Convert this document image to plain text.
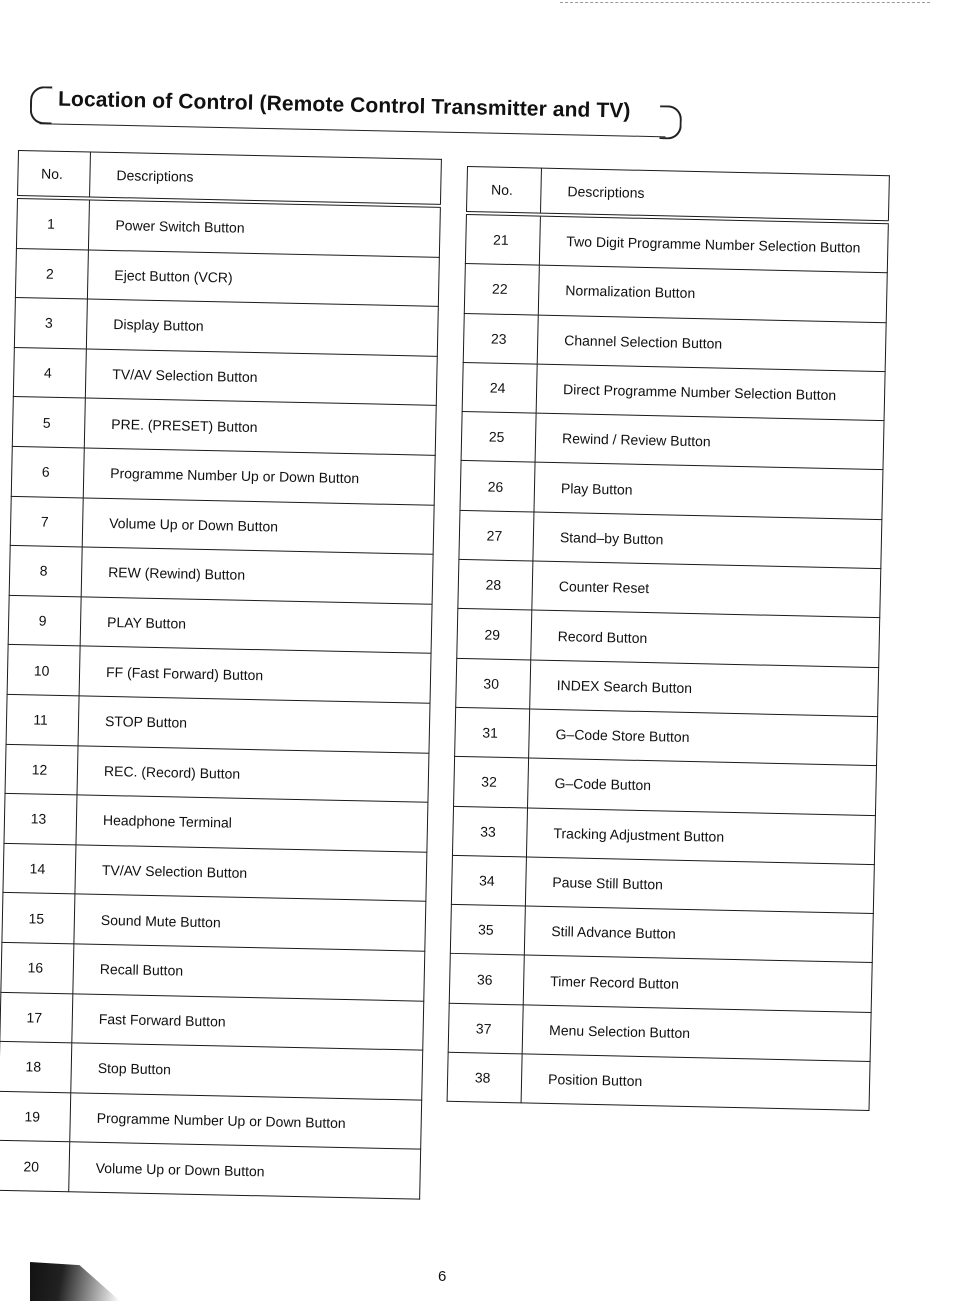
Location of Control (Remote Control Transmitter and TV)
No.	Descriptions
1	Power Switch Button
2	Eject Button (VCR)
3	Display Button
4	TV/AV Selection Button
5	PRE. (PRESET) Button
6	Programme Number Up or Down Button
7	Volume Up or Down Button
8	REW (Rewind) Button
9	PLAY Button
10	FF (Fast Forward) Button
11	STOP Button
12	REC. (Record) Button
13	Headphone Terminal
14	TV/AV Selection Button
15	Sound Mute Button
16	Recall Button
17	Fast Forward Button
18	Stop Button
19	Programme Number Up or Down Button
20	Volume Up or Down Button
No.	Descriptions
21	Two Digit Programme Number Selection Button
22	Normalization Button
23	Channel Selection Button
24	Direct Programme Number Selection Button
25	Rewind / Review Button
26	Play Button
27	Stand–by Button
28	Counter Reset
29	Record Button
30	INDEX Search Button
31	G–Code Store Button
32	G–Code Button
33	Tracking Adjustment Button
34	Pause Still Button
35	Still Advance Button
36	Timer Record Button
37	Menu Selection Button
38	Position Button
6
